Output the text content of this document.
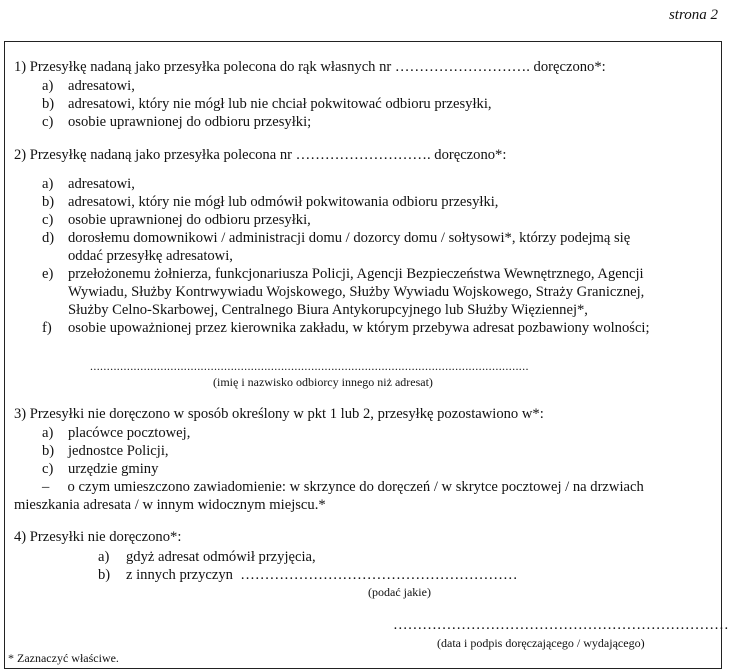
strona 2
1) Przesyłkę nadaną jako przesyłka polecona do rąk własnych nr ………………………. doręczono*:
a) adresatowi,
b) adresatowi, który nie mógł lub nie chciał pokwitować odbioru przesyłki,
c) osobie uprawnionej do odbioru przesyłki;
2) Przesyłkę nadaną jako przesyłka polecona nr ………………………. doręczono*:
a) adresatowi,
b) adresatowi, który nie mógł lub odmówił pokwitowania odbioru przesyłki,
c) osobie uprawnionej do odbioru przesyłki,
d) dorosłemu domownikowi / administracji domu / dozorcy domu / sołtysowi*, którzy podejmą się
oddać przesyłkę adresatowi,
e) przełożonemu żołnierza, funkcjonariusza Policji, Agencji Bezpieczeństwa Wewnętrznego, Agencji
Wywiadu, Służby Kontrwywiadu Wojskowego, Służby Wywiadu Wojskowego, Straży Granicznej,
Służby Celno-Skarbowej, Centralnego Biura Antykorupcyjnego lub Służby Więziennej*,
f) osobie upoważnionej przez kierownika zakładu, w którym przebywa adresat pozbawiony wolności;
...................................................................................................................................
(imię i nazwisko odbiorcy innego niż adresat)
3) Przesyłki nie doręczono w sposób określony w pkt 1 lub 2, przesyłkę pozostawiono w*:
a) placówce pocztowej,
b) jednostce Policji,
c) urzędzie gminy
–     o czym umieszczono zawiadomienie: w skrzynce do doręczeń / w skrytce pocztowej / na drzwiach
mieszkania adresata / w innym widocznym miejscu.*
4) Przesyłki nie doręczono*:
a) gdyż adresat odmówił przyjęcia,
b) z innych przyczyn  …………………………………………………
(podać jakie)
……………………………………………………………
(data i podpis doręczającego / wydającego)
* Zaznaczyć właściwe.
